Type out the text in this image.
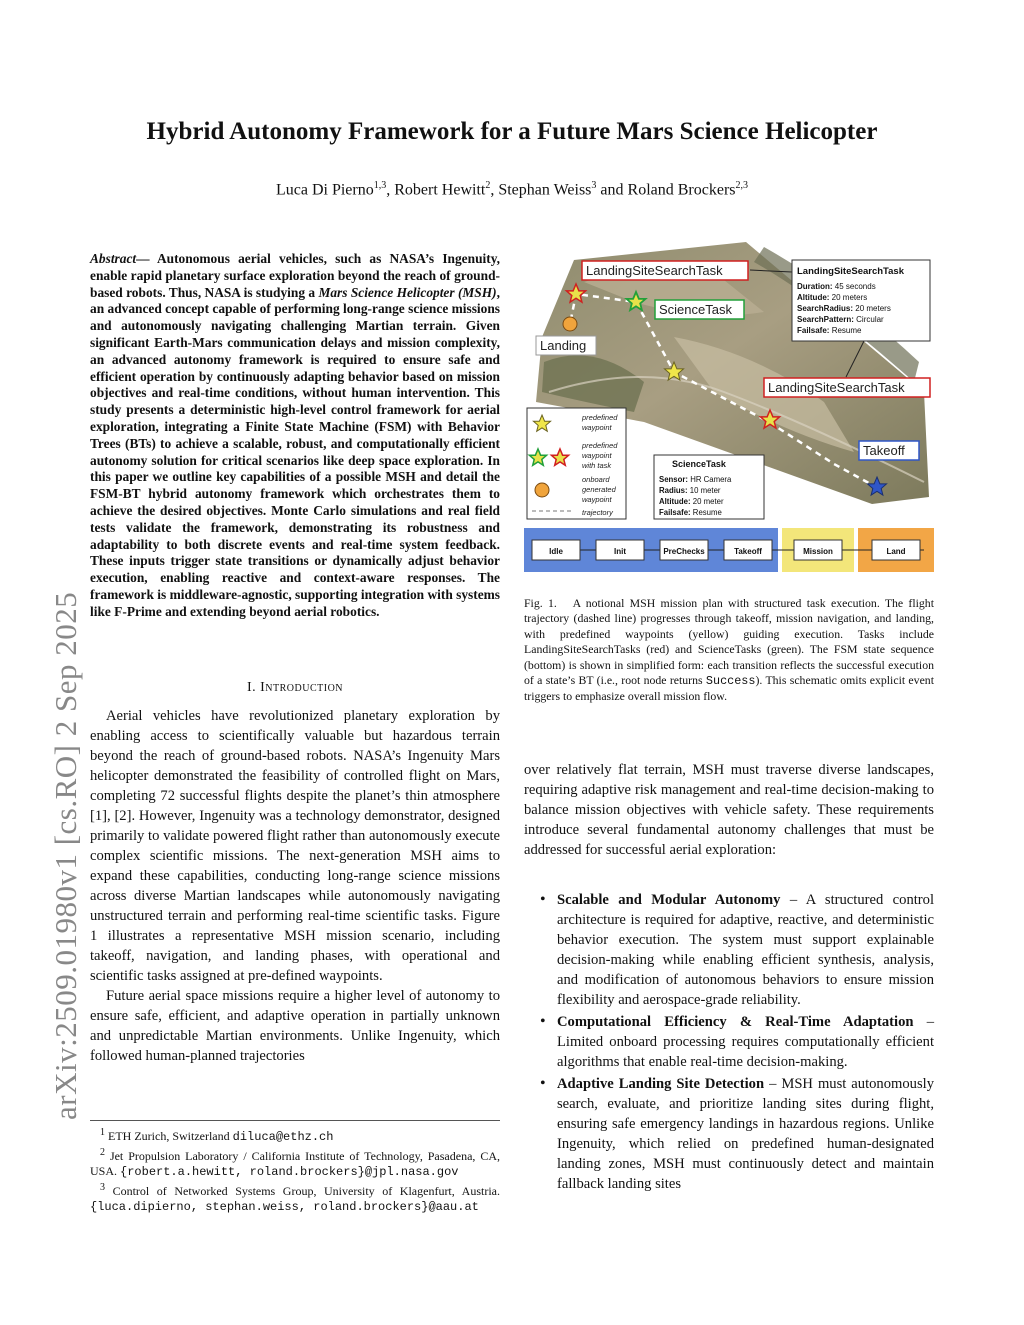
arXiv:2509.01980v1 [cs.RO] 2 Sep 2025
Hybrid Autonomy Framework for a Future Mars Science Helicopter
Luca Di Pierno$^{1,3}$, Robert Hewitt$^2$, Stephan Weiss$^3$ and Roland Brockers$^{2,3}$
Abstract— Autonomous aerial vehicles, such as NASA’s Ingenuity, enable rapid planetary surface exploration beyond the reach of ground-based robots. Thus, NASA is studying a Mars Science Helicopter (MSH), an advanced concept capable of performing long-range science missions and autonomously navigating challenging Martian terrain. Given significant Earth-Mars communication delays and mission complexity, an advanced autonomy framework is required to ensure safe and efficient operation by continuously adapting behavior based on mission objectives and real-time conditions, without human intervention. This study presents a deterministic high-level control framework for aerial exploration, integrating a Finite State Machine (FSM) with Behavior Trees (BTs) to achieve a scalable, robust, and computationally efficient autonomy solution for critical scenarios like deep space exploration. In this paper we outline key capabilities of a possible MSH and detail the FSM-BT hybrid autonomy framework which orchestrates them to achieve the desired objectives. Monte Carlo simulations and real field tests validate the framework, demonstrating its robustness and adaptability to both discrete events and real-time system feedback. These inputs trigger state transitions or dynamically adjust behavior execution, enabling reactive and context-aware responses. The framework is middleware-agnostic, supporting integration with systems like F-Prime and extending beyond aerial robotics.
I. Introduction

Aerial vehicles have revolutionized planetary exploration by enabling access to scientifically valuable but hazardous terrain beyond the reach of ground-based robots. NASA’s Ingenuity Mars helicopter demonstrated the feasibility of controlled flight on Mars, completing 72 successful flights despite the planet’s thin atmosphere [1], [2]. However, Ingenuity was a technology demonstrator, designed primarily to validate powered flight rather than autonomously execute complex scientific missions. The next-generation MSH aims to expand these capabilities, conducting long-range science missions across diverse Martian landscapes while autonomously navigating unstructured terrain and performing real-time scientific tasks. Figure 1 illustrates a representative MSH mission scenario, including takeoff, navigation, and landing phases, with operational and scientific tasks assigned at pre-defined waypoints.

Future aerial space missions require a higher level of autonomy to ensure safe, efficient, and adaptive operation in partially unknown and unpredictable Martian environments. Unlike Ingenuity, which followed human-planned trajectories

$^1$ ETH Zurich, Switzerland diluca@ethz.ch

$^2$ Jet Propulsion Laboratory / California Institute of Technology, Pasadena, CA, USA. {robert.a.hewitt, roland.brockers}@jpl.nasa.gov

$^3$ Control of Networked Systems Group, University of Klagenfurt, Austria. {luca.dipierno, stephan.weiss, roland.brockers}@aau.at

LandingSiteSearchTask
ScienceTask
Landing
LandingSiteSearchTask
Takeoff
LandingSiteSearchTask
Duration: 45 seconds
Altitude: 20 meters
SearchRadius: 20 meters
SearchPattern: Circular
Failsafe: Resume
predefined
waypoint
predefined
waypoint
with task
onboard
generated
waypoint
trajectory
ScienceTask
Sensor: HR Camera
Radius: 10 meter
Altitude: 20 meter
Failsafe: Resume
Idle	Init	PreChecks	Takeoff	Mission	Land
Fig. 1. A notional MSH mission plan with structured task execution. The flight trajectory (dashed line) progresses through takeoff, mission navigation, and landing, with predefined waypoints (yellow) guiding execution. Tasks include LandingSiteSearchTasks (red) and ScienceTasks (green). The FSM state sequence (bottom) is shown in simplified form: each transition reflects the successful execution of a state’s BT (i.e., root node returns Success). This schematic omits explicit event triggers to emphasize overall mission flow.

over relatively flat terrain, MSH must traverse diverse landscapes, requiring adaptive risk management and real-time decision-making to balance mission objectives with vehicle safety. These requirements introduce several fundamental autonomy challenges that must be addressed for successful aerial exploration:

• Scalable and Modular Autonomy – A structured control architecture is required for adaptive, reactive, and deterministic behavior execution. The system must support explainable decision-making while enabling efficient synthesis, analysis, and modification of autonomous behaviors to ensure mission flexibility and aerospace-grade reliability.
• Computational Efficiency & Real-Time Adaptation – Limited onboard processing requires computationally efficient algorithms that enable real-time decision-making.
• Adaptive Landing Site Detection – MSH must autonomously search, evaluate, and prioritize landing sites during flight, ensuring safe emergency landings in hazardous regions. Unlike Ingenuity, which relied on predefined human-designated landing zones, MSH must continuously detect and maintain fallback landing sites
